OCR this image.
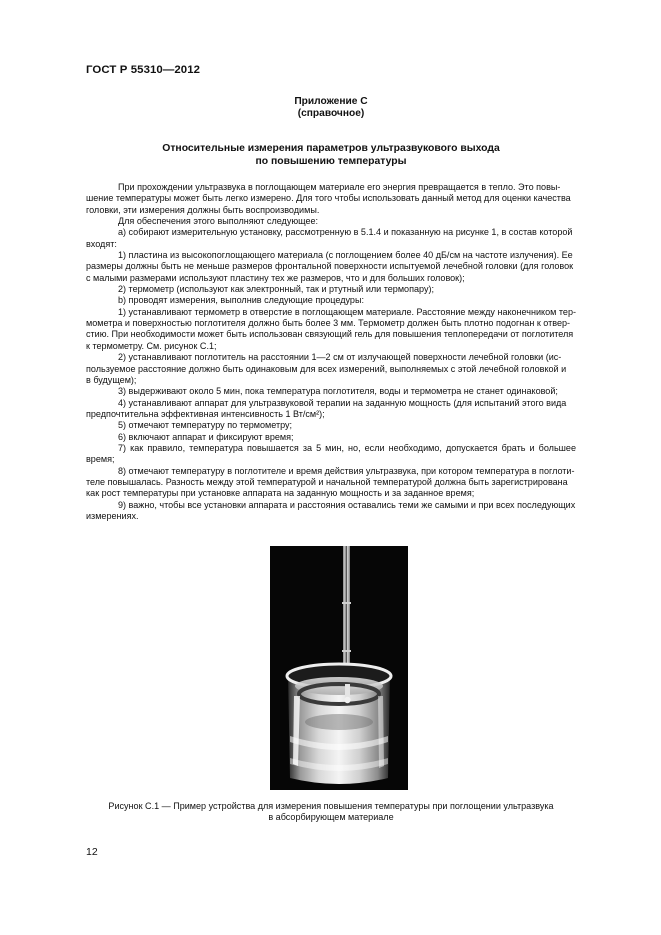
ГОСТ Р 55310—2012
Приложение С
(справочное)
Относительные измерения параметров ультразвукового выхода
по повышению температуры

При прохождении ультразвука в поглощающем материале его энергия превращается в тепло. Это повы-
шение температуры может быть легко измерено. Для того чтобы использовать данный метод для оценки качества
головки, эти измерения должны быть воспроизводимы.

Для обеспечения этого выполняют следующее:

а) собирают измерительную установку, рассмотренную в 5.1.4 и показанную на рисунке 1, в состав которой
входят:

1) пластина из высокопоглощающего материала (с поглощением более 40 дБ/см на частоте излучения). Ее
размеры должны быть не меньше размеров фронтальной поверхности испытуемой лечебной головки (для головок
с малыми размерами используют пластину тех же размеров, что и для больших головок);

2) термометр (используют как электронный, так и ртутный или термопару);

b) проводят измерения, выполнив следующие процедуры:

1) устанавливают термометр в отверстие в поглощающем материале. Расстояние между наконечником тер-
мометра и поверхностью поглотителя должно быть более 3 мм. Термометр должен быть плотно подогнан к отвер-
стию. При необходимости может быть использован связующий гель для повышения теплопередачи от поглотителя
к термометру. См. рисунок С.1;

2) устанавливают поглотитель на расстоянии 1—2 см от излучающей поверхности лечебной головки (ис-
пользуемое расстояние должно быть одинаковым для всех измерений, выполняемых с этой лечебной головкой и
в будущем);

3) выдерживают около 5 мин, пока температура поглотителя, воды и термометра не станет одинаковой;

4) устанавливают аппарат для ультразвуковой терапии на заданную мощность (для испытаний этого вида
предпочтительна эффективная интенсивность 1 Вт/см²);

5) отмечают температуру по термометру;

6) включают аппарат и фиксируют время;

7) как правило, температура повышается за 5 мин, но, если необходимо, допускается брать и большее время;

8) отмечают температуру в поглотителе и время действия ультразвука, при котором температура в поглоти-
теле повышалась. Разность между этой температурой и начальной температурой должна быть зарегистрирована
как рост температуры при установке аппарата на заданную мощность и за заданное время;

9) важно, чтобы все установки аппарата и расстояния оставались теми же самыми и при всех последующих
измерениях.

Рисунок С.1 — Пример устройства для измерения повышения температуры при поглощении ультразвука
в абсорбирующем материале
12
